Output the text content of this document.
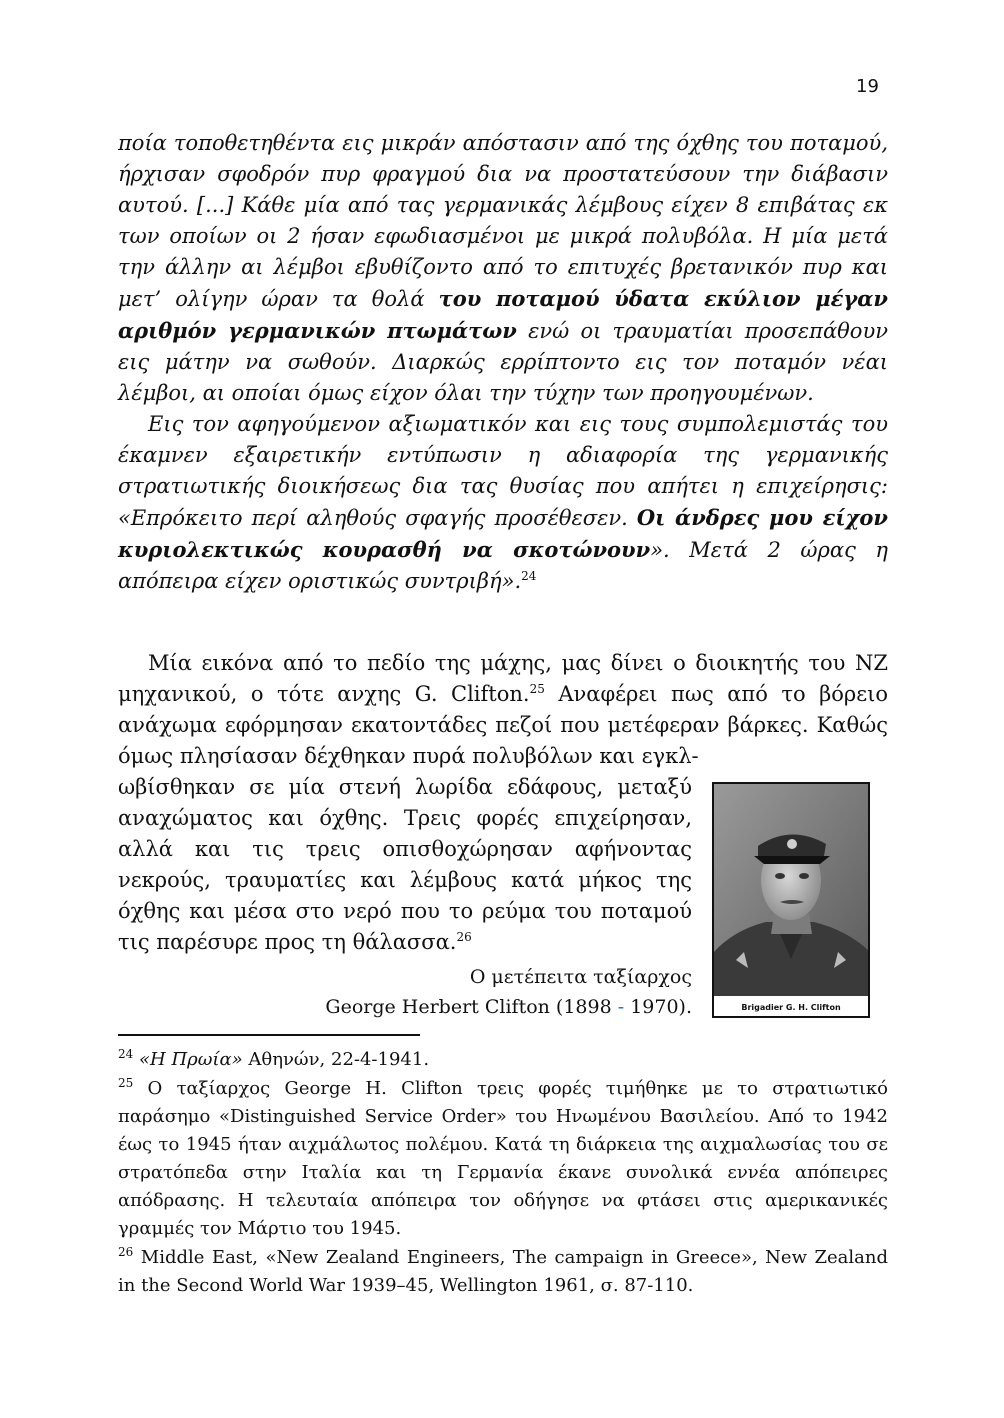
19

ποία τοποθετηθέντα εις μικράν απόστασιν από της όχθης του ποταμού, ήρχισαν σφοδρόν πυρ φραγμού δια να προστατεύσουν την διάβασιν αυτού. [...] Κάθε μία από τας γερμανικάς λέμβους είχεν 8 επιβάτας εκ των οποίων οι 2 ήσαν εφωδιασμένοι με μικρά πολυβόλα. Η μία μετά την άλλην αι λέμβοι εβυθίζοντο από το επιτυχές βρετανικόν πυρ και μετ’ ολίγην ώραν τα θολά του ποταμού ύδατα εκύλιον μέγαν αριθμόν γερμανικών πτωμάτων ενώ οι τραυματίαι προσεπάθουν εις μάτην να σωθούν. Διαρκώς ερρίπτοντο εις τον ποταμόν νέαι λέμβοι, αι οποίαι όμως είχον όλαι την τύχην των προηγουμένων.

Εις τον αφηγούμενον αξιωματικόν και εις τους συμπολεμιστάς του έκαμνεν εξαιρετικήν εντύπωσιν η αδιαφορία της γερμανικής στρατιωτικής διοικήσεως δια τας θυσίας που απήτει η επιχείρησις: «Επρόκειτο περί αληθούς σφαγής προσέθεσεν. Οι άνδρες μου είχον κυριολεκτικώς κουρασθή να σκοτώνουν». Μετά 2 ώρας η απόπειρα είχεν οριστικώς συντριβή».$^{24}$

Μία εικόνα από το πεδίο της μάχης, μας δίνει ο διοικητής του ΝΖ μηχανικού, ο τότε ανχης G. Clifton.$^{25}$ Αναφέρει πως από το βόρειο ανάχωμα εφόρμησαν εκατοντάδες πεζοί που μετέφεραν βάρκες. Καθώς όμως πλησίασαν δέχθηκαν πυρά πολυβόλων και εγκλ-

ωβίσθηκαν σε μία στενή λωρίδα εδάφους, μεταξύ αναχώματος και όχθης. Τρεις φορές επιχείρησαν, αλλά και τις τρεις οπισθοχώρησαν αφήνοντας νεκρούς, τραυματίες και λέμβους κατά μήκος της όχθης και μέσα στο νερό που το ρεύμα του ποταμού τις παρέσυρε προς τη θάλασσα.$^{26}$
Ο μετέπειτα ταξίαρχος
George Herbert Clifton (1898 - 1970).	Brigadier G. H. Clifton

$^{24}$ «Η Πρωία» Αθηνών, 22-4-1941.

$^{25}$ Ο ταξίαρχος George H. Clifton τρεις φορές τιμήθηκε με το στρατιωτικό παράσημο «Distinguished Service Order» του Ηνωμένου Βασιλείου. Από το 1942 έως το 1945 ήταν αιχμάλωτος πολέμου. Κατά τη διάρκεια της αιχμαλωσίας του σε στρατόπεδα στην Ιταλία και τη Γερμανία έκανε συνολικά εννέα απόπειρες απόδρασης. Η τελευταία απόπειρα τον οδήγησε να φτάσει στις αμερικανικές γραμμές τον Μάρτιο του 1945.

$^{26}$ Middle East, «New Zealand Engineers, The campaign in Greece», New Zealand in the Second World War 1939–45, Wellington 1961, σ. 87-110.
